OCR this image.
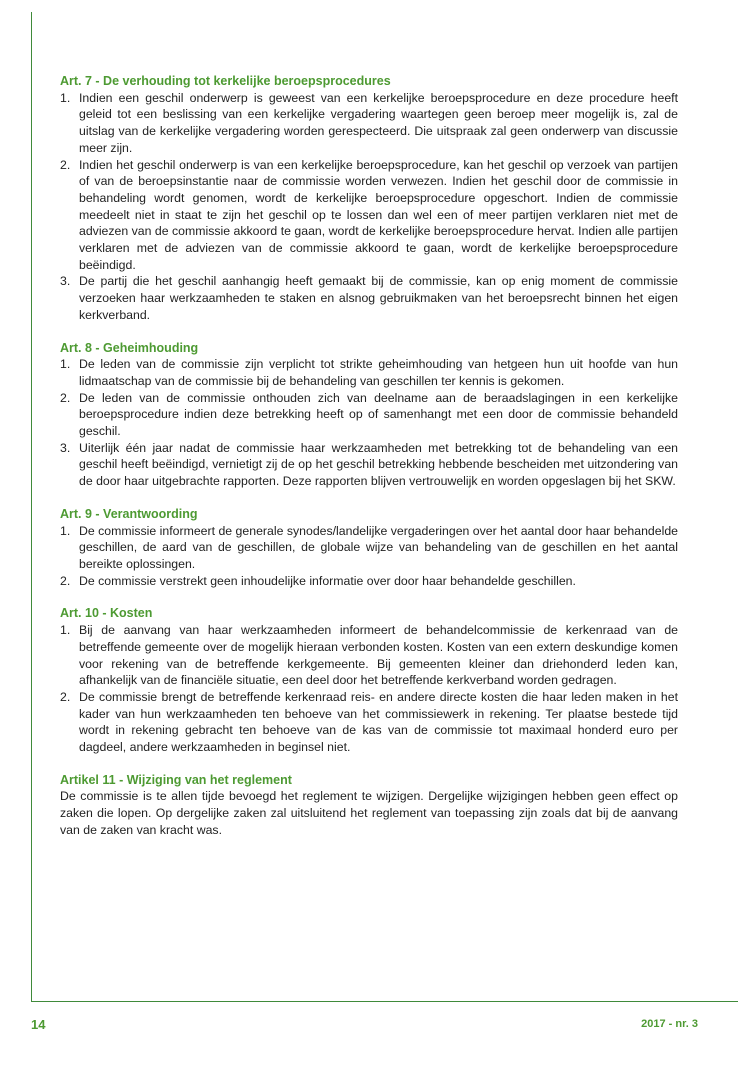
Art. 7 - De verhouding tot kerkelijke beroepsprocedures
1. Indien een geschil onderwerp is geweest van een kerkelijke beroepsprocedure en deze procedure heeft geleid tot een beslissing van een kerkelijke vergadering waartegen geen beroep meer mogelijk is, zal de uitslag van de kerkelijke vergadering worden gerespecteerd. Die uitspraak zal geen onderwerp van discussie meer zijn.
2. Indien het geschil onderwerp is van een kerkelijke beroepsprocedure, kan het geschil op verzoek van partijen of van de beroepsinstantie naar de commissie worden verwezen. Indien het geschil door de commissie in behandeling wordt genomen, wordt de kerkelijke beroepsprocedure opgeschort. Indien de commissie meedeelt niet in staat te zijn het geschil op te lossen dan wel een of meer partijen verklaren niet met de adviezen van de commissie akkoord te gaan, wordt de kerkelijke beroepsprocedure hervat. Indien alle partijen verklaren met de adviezen van de commissie akkoord te gaan, wordt de kerkelijke beroepsprocedure beëindigd.
3. De partij die het geschil aanhangig heeft gemaakt bij de commissie, kan op enig moment de commissie verzoeken haar werkzaamheden te staken en alsnog gebruikmaken van het beroepsrecht binnen het eigen kerkverband.
Art. 8 - Geheimhouding
1. De leden van de commissie zijn verplicht tot strikte geheimhouding van hetgeen hun uit hoofde van hun lidmaatschap van de commissie bij de behandeling van geschillen ter kennis is gekomen.
2. De leden van de commissie onthouden zich van deelname aan de beraadslagingen in een kerkelijke beroepsprocedure indien deze betrekking heeft op of samenhangt met een door de commissie behandeld geschil.
3. Uiterlijk één jaar nadat de commissie haar werkzaamheden met betrekking tot de behandeling van een geschil heeft beëindigd, vernietigt zij de op het geschil betrekking hebbende bescheiden met uitzondering van de door haar uitgebrachte rapporten. Deze rapporten blijven vertrouwelijk en worden opgeslagen bij het SKW.
Art. 9 - Verantwoording
1. De commissie informeert de generale synodes/landelijke vergaderingen over het aantal door haar behandelde geschillen, de aard van de geschillen, de globale wijze van behandeling van de geschillen en het aantal bereikte oplossingen.
2. De commissie verstrekt geen inhoudelijke informatie over door haar behandelde geschillen.
Art. 10 - Kosten
1. Bij de aanvang van haar werkzaamheden informeert de behandelcommissie de kerkenraad van de betreffende gemeente over de mogelijk hieraan verbonden kosten. Kosten van een extern deskundige komen voor rekening van de betreffende kerkgemeente. Bij gemeenten kleiner dan driehonderd leden kan, afhankelijk van de financiële situatie, een deel door het betreffende kerkverband worden gedragen.
2. De commissie brengt de betreffende kerkenraad reis- en andere directe kosten die haar leden maken in het kader van hun werkzaamheden ten behoeve van het commissiewerk in rekening. Ter plaatse bestede tijd wordt in rekening gebracht ten behoeve van de kas van de commissie tot maximaal honderd euro per dagdeel, andere werkzaamheden in beginsel niet.
Artikel 11 - Wijziging van het reglement

De commissie is te allen tijde bevoegd het reglement te wijzigen. Dergelijke wijzigingen hebben geen effect op zaken die lopen. Op dergelijke zaken zal uitsluitend het reglement van toepassing zijn zoals dat bij de aanvang van de zaken van kracht was.

14	2017 - nr. 3
